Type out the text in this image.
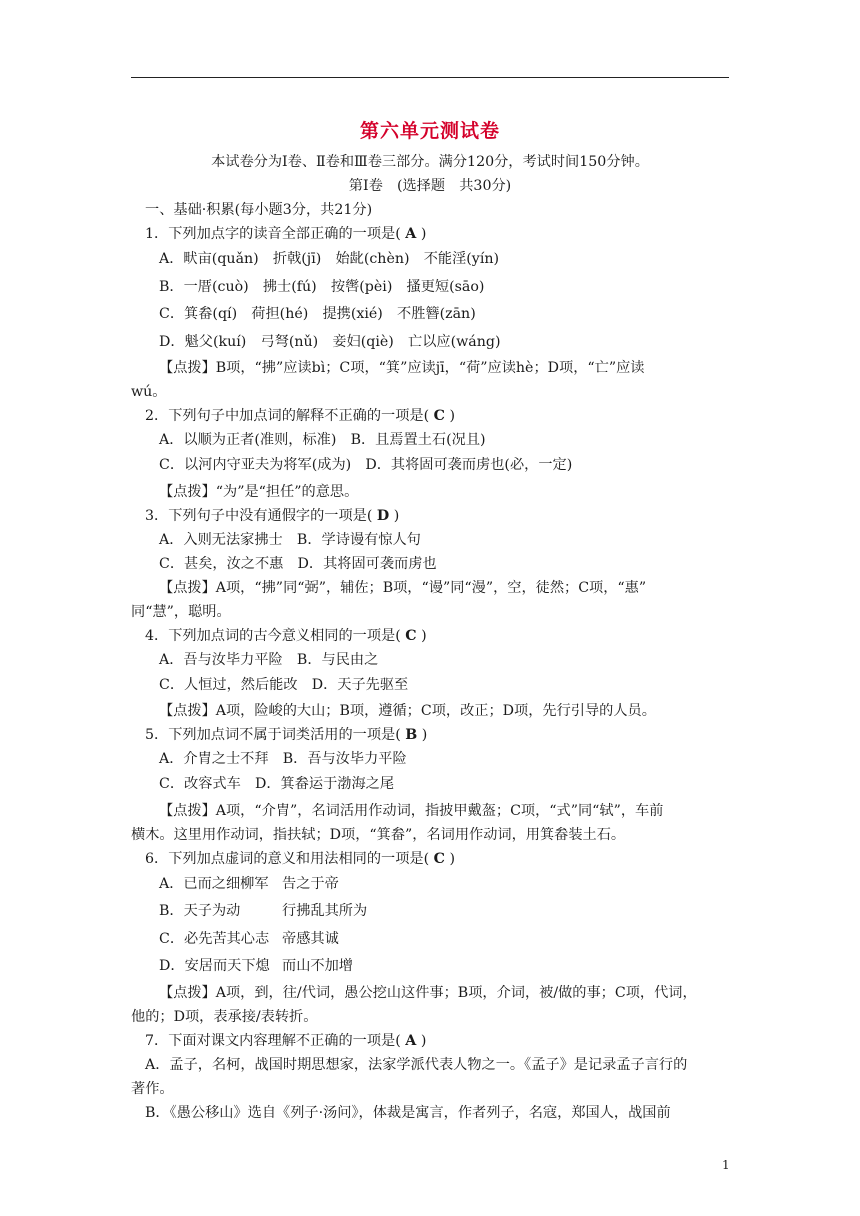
第六单元测试卷
本试卷分为Ⅰ卷、Ⅱ卷和Ⅲ卷三部分。满分120分，考试时间150分钟。
第Ⅰ卷　(选择题　共30分)
一、基础·积累(每小题3分，共21分)
1．下列加点字的读音全部正确的一项是( A )
A．畎亩(quǎn)　折戟(jī)　始龀(chèn)　不能淫(yín)
B．一厝(cuò)　拂士(fú)　按辔(pèi)　搔更短(sāo)
C．箕畚(qí)　荷担(hé)　提携(xié)　不胜簪(zān)
D．魁父(kuí)　弓弩(nǔ)　妾妇(qiè)　亡以应(wáng)
【点拨】B项，“拂”应读bì；C项，“箕”应读jī，“荷”应读hè；D项，“亡”应读
wú。
2．下列句子中加点词的解释不正确的一项是( C )
A．以顺为正者(准则，标准)　B．且焉置土石(况且)
C．以河内守亚夫为将军(成为)　D．其将固可袭而虏也(必，一定)
【点拨】“为”是“担任”的意思。
3．下列句子中没有通假字的一项是( D )
A．入则无法家拂士　B．学诗谩有惊人句
C．甚矣，汝之不惠　D．其将固可袭而虏也
【点拨】A项，“拂”同“弼”，辅佐；B项，“谩”同“漫”，空，徒然；C项，“惠”
同“慧”，聪明。
4．下列加点词的古今意义相同的一项是( C )
A．吾与汝毕力平险　B．与民由之
C．人恒过，然后能改　D．天子先驱至
【点拨】A项，险峻的大山；B项，遵循；C项，改正；D项，先行引导的人员。
5．下列加点词不属于词类活用的一项是( B )
A．介胄之士不拜　B．吾与汝毕力平险
C．改容式车　D．箕畚运于渤海之尾
【点拨】A项，“介胄”，名词活用作动词，指披甲戴盔；C项，“式”同“轼”，车前
横木。这里用作动词，指扶轼；D项，“箕畚”，名词用作动词，用箕畚装土石。
6．下列加点虚词的意义和用法相同的一项是( C )
A．已而之细柳军 告之于帝
B．天子为动	行拂乱其所为
C．必先苦其心志 帝感其诚
D．安居而天下熄 而山不加增
【点拨】A项，到，往/代词，愚公挖山这件事；B项，介词，被/做的事；C项，代词，
他的；D项，表承接/表转折。
7．下面对课文内容理解不正确的一项是( A )
A．孟子，名柯，战国时期思想家，法家学派代表人物之一。《孟子》是记录孟子言行的
著作。
B．《愚公移山》选自《列子·汤问》，体裁是寓言，作者列子，名寇，郑国人，战国前
1
